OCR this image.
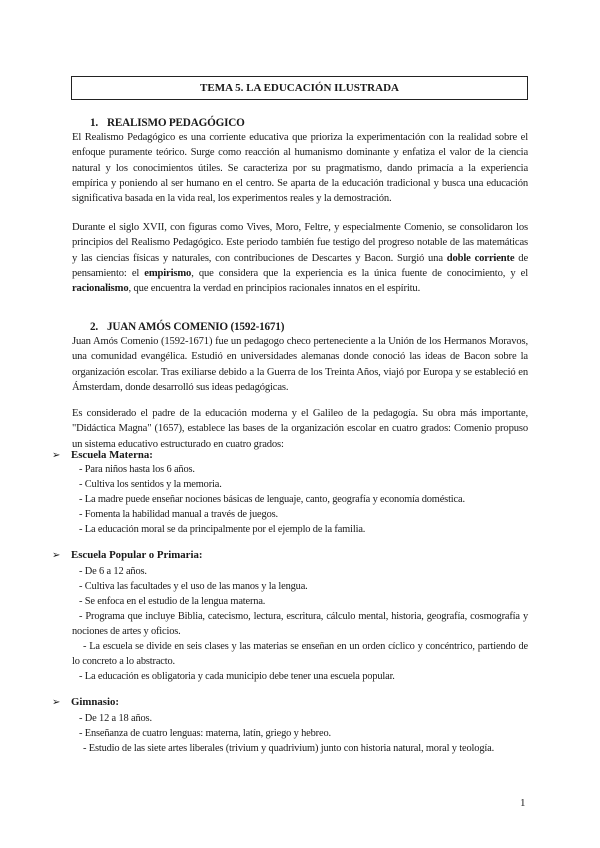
TEMA 5. LA EDUCACIÓN ILUSTRADA
1. REALISMO PEDAGÓGICO
El Realismo Pedagógico es una corriente educativa que prioriza la experimentación con la realidad sobre el enfoque puramente teórico. Surge como reacción al humanismo dominante y enfatiza el valor de la ciencia natural y los conocimientos útiles. Se caracteriza por su pragmatismo, dando primacía a la experiencia empírica y poniendo al ser humano en el centro. Se aparta de la educación tradicional y busca una educación significativa basada en la vida real, los experimentos reales y la demostración.
Durante el siglo XVII, con figuras como Vives, Moro, Feltre, y especialmente Comenio, se consolidaron los principios del Realismo Pedagógico. Este periodo también fue testigo del progreso notable de las matemáticas y las ciencias físicas y naturales, con contribuciones de Descartes y Bacon. Surgió una doble corriente de pensamiento: el empirismo, que considera que la experiencia es la única fuente de conocimiento, y el racionalismo, que encuentra la verdad en principios racionales innatos en el espíritu.
2. JUAN AMÓS COMENIO (1592-1671)
Juan Amós Comenio (1592-1671) fue un pedagogo checo perteneciente a la Unión de los Hermanos Moravos, una comunidad evangélica. Estudió en universidades alemanas donde conoció las ideas de Bacon sobre la organización escolar. Tras exiliarse debido a la Guerra de los Treinta Años, viajó por Europa y se estableció en Ámsterdam, donde desarrolló sus ideas pedagógicas.
Es considerado el padre de la educación moderna y el Galileo de la pedagogía. Su obra más importante, "Didáctica Magna" (1657), establece las bases de la organización escolar en cuatro grados: Comenio propuso un sistema educativo estructurado en cuatro grados:
➢ Escuela Materna:
- Para niños hasta los 6 años.
- Cultiva los sentidos y la memoria.
- La madre puede enseñar nociones básicas de lenguaje, canto, geografía y economía doméstica.
- Fomenta la habilidad manual a través de juegos.
- La educación moral se da principalmente por el ejemplo de la familia.
➢ Escuela Popular o Primaria:
- De 6 a 12 años.
- Cultiva las facultades y el uso de las manos y la lengua.
- Se enfoca en el estudio de la lengua materna.
- Programa que incluye Biblia, catecismo, lectura, escritura, cálculo mental, historia, geografía, cosmografía y nociones de artes y oficios.
- La escuela se divide en seis clases y las materias se enseñan en un orden cíclico y concéntrico, partiendo de lo concreto a lo abstracto.
- La educación es obligatoria y cada municipio debe tener una escuela popular.
➢ Gimnasio:
- De 12 a 18 años.
- Enseñanza de cuatro lenguas: materna, latín, griego y hebreo.
- Estudio de las siete artes liberales (trivium y quadrivium) junto con historia natural, moral y teología.
1
